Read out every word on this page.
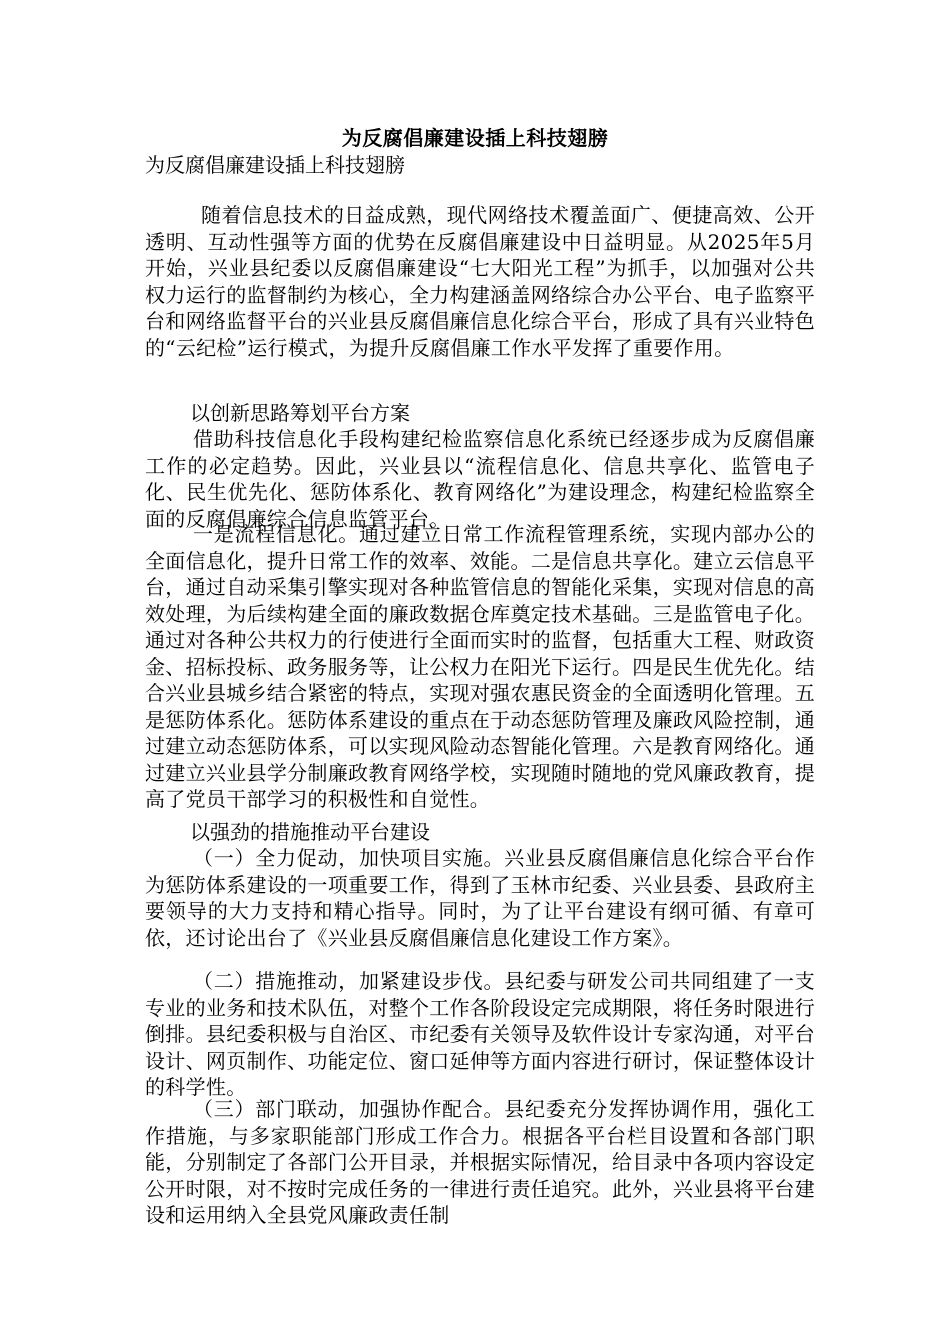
为反腐倡廉建设插上科技翅膀
为反腐倡廉建设插上科技翅膀
随着信息技术的日益成熟，现代网络技术覆盖面广、便捷高效、公开透明、互动性强等方面的优势在反腐倡廉建设中日益明显。从2025年5月开始，兴业县纪委以反腐倡廉建设“七大阳光工程”为抓手，以加强对公共权力运行的监督制约为核心，全力构建涵盖网络综合办公平台、电子监察平台和网络监督平台的兴业县反腐倡廉信息化综合平台，形成了具有兴业特色的“云纪检”运行模式，为提升反腐倡廉工作水平发挥了重要作用。
以创新思路筹划平台方案
借助科技信息化手段构建纪检监察信息化系统已经逐步成为反腐倡廉工作的必定趋势。因此，兴业县以“流程信息化、信息共享化、监管电子化、民生优先化、惩防体系化、教育网络化”为建设理念，构建纪检监察全面的反腐倡廉综合信息监管平台。
一是流程信息化。通过建立日常工作流程管理系统，实现内部办公的全面信息化，提升日常工作的效率、效能。二是信息共享化。建立云信息平台，通过自动采集引擎实现对各种监管信息的智能化采集，实现对信息的高效处理，为后续构建全面的廉政数据仓库奠定技术基础。三是监管电子化。通过对各种公共权力的行使进行全面而实时的监督，包括重大工程、财政资金、招标投标、政务服务等，让公权力在阳光下运行。四是民生优先化。结合兴业县城乡结合紧密的特点，实现对强农惠民资金的全面透明化管理。五是惩防体系化。惩防体系建设的重点在于动态惩防管理及廉政风险控制，通过建立动态惩防体系，可以实现风险动态智能化管理。六是教育网络化。通过建立兴业县学分制廉政教育网络学校，实现随时随地的党风廉政教育，提高了党员干部学习的积极性和自觉性。
以强劲的措施推动平台建设
（一）全力促动，加快项目实施。兴业县反腐倡廉信息化综合平台作为惩防体系建设的一项重要工作，得到了玉林市纪委、兴业县委、县政府主要领导的大力支持和精心指导。同时，为了让平台建设有纲可循、有章可依，还讨论出台了《兴业县反腐倡廉信息化建设工作方案》。
（二）措施推动，加紧建设步伐。县纪委与研发公司共同组建了一支专业的业务和技术队伍，对整个工作各阶段设定完成期限，将任务时限进行倒排。县纪委积极与自治区、市纪委有关领导及软件设计专家沟通，对平台设计、网页制作、功能定位、窗口延伸等方面内容进行研讨，保证整体设计的科学性。
（三）部门联动，加强协作配合。县纪委充分发挥协调作用，强化工作措施，与多家职能部门形成工作合力。根据各平台栏目设置和各部门职能，分别制定了各部门公开目录，并根据实际情况，给目录中各项内容设定公开时限，对不按时完成任务的一律进行责任追究。此外，兴业县将平台建设和运用纳入全县党风廉政责任制
